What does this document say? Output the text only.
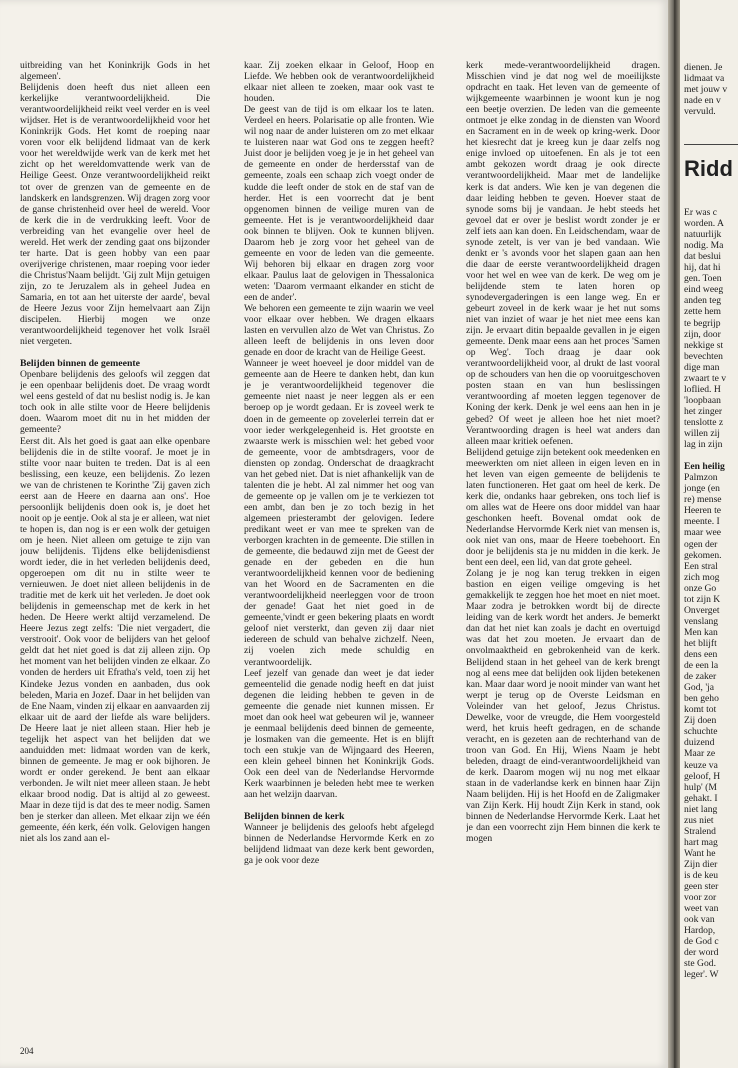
uitbreiding van het Koninkrijk Gods in het algemeen'.

Belijdenis doen heeft dus niet alleen een kerkelijke verantwoordelijkheid. Die verantwoordelijkheid reikt veel verder en is veel wijdser. Het is de verantwoordelijkheid voor het Koninkrijk Gods. Het komt de roeping naar voren voor elk belijdend lidmaat van de kerk voor het wereldwijde werk van de kerk met het zicht op het wereldomvattende werk van de Heilige Geest. Onze verantwoordelijkheid reikt tot over de grenzen van de gemeente en de landskerk en landsgrenzen. Wij dragen zorg voor de ganse christenheid over heel de wereld. Voor de kerk die in de verdrukking leeft. Voor de verbreiding van het evangelie over heel de wereld. Het werk der zending gaat ons bijzonder ter harte. Dat is geen hobby van een paar overijverige christenen, maar roeping voor ieder die Christus'Naam belijdt. 'Gij zult Mijn getuigen zijn, zo te Jeruzalem als in geheel Judea en Samaria, en tot aan het uiterste der aarde', beval de Heere Jezus voor Zijn hemelvaart aan Zijn discipelen. Hierbij mogen we onze verantwoordelijkheid tegenover het volk Israël niet vergeten.

Belijden binnen de gemeente

Openbare belijdenis des geloofs wil zeggen dat je een openbaar belijdenis doet. De vraag wordt wel eens gesteld of dat nu beslist nodig is. Je kan toch ook in alle stilte voor de Heere belijdenis doen. Waarom moet dit nu in het midden der gemeente?

Eerst dit. Als het goed is gaat aan elke openbare belijdenis die in de stilte vooraf. Je moet je in stilte voor naar buiten te treden. Dat is al een beslissing, een keuze, een belijdenis. Zo lezen we van de christenen te Korinthe 'Zij gaven zich eerst aan de Heere en daarna aan ons'. Hoe persoonlijk belijdenis doen ook is, je doet het nooit op je eentje. Ook al sta je er alleen, wat niet te hopen is, dan nog is er een wolk der getuigen om je heen. Niet alleen om getuige te zijn van jouw belijdenis. Tijdens elke belijdenisdienst wordt ieder, die in het verleden belijdenis deed, opgeroepen om dit nu in stilte weer te vernieuwen. Je doet niet alleen belijdenis in de traditie met de kerk uit het verleden. Je doet ook belijdenis in gemeenschap met de kerk in het heden. De Heere werkt altijd verzamelend. De Heere Jezus zegt zelfs: 'Die niet vergadert, die verstrooit'. Ook voor de belijders van het geloof geldt dat het niet goed is dat zij alleen zijn. Op het moment van het belijden vinden ze elkaar. Zo vonden de herders uit Efratha's veld, toen zij het Kindeke Jezus vonden en aanbaden, dus ook beleden, Maria en Jozef. Daar in het belijden van de Ene Naam, vinden zij elkaar en aanvaarden zij elkaar uit de aard der liefde als ware belijders. De Heere laat je niet alleen staan. Hier heb je tegelijk het aspect van het belijden dat we aanduidden met: lidmaat worden van de kerk, binnen de gemeente. Je mag er ook bijhoren. Je wordt er onder gerekend. Je bent aan elkaar verbonden. Je wilt niet meer alleen staan. Je hebt elkaar brood nodig. Dat is altijd al zo geweest. Maar in deze tijd is dat des te meer nodig. Samen ben je sterker dan alleen. Met elkaar zijn we één gemeente, één kerk, één volk. Gelovigen hangen niet als los zand aan el-

kaar. Zij zoeken elkaar in Geloof, Hoop en Liefde. We hebben ook de verantwoordelijkheid elkaar niet alleen te zoeken, maar ook vast te houden.

De geest van de tijd is om elkaar los te laten. Verdeel en heers. Polarisatie op alle fronten. Wie wil nog naar de ander luisteren om zo met elkaar te luisteren naar wat God ons te zeggen heeft? Juist door je belijden voeg je je in het geheel van de gemeente en onder de herdersstaf van de gemeente, zoals een schaap zich voegt onder de kudde die leeft onder de stok en de staf van de herder. Het is een voorrecht dat je bent opgenomen binnen de veilige muren van de gemeente. Het is je verantwoordelijkheid daar ook binnen te blijven. Ook te kunnen blijven. Daarom heb je zorg voor het geheel van de gemeente en voor de leden van die gemeente. Wij behoren bij elkaar en dragen zorg voor elkaar. Paulus laat de gelovigen in Thessalonica weten: 'Daarom vermaant elkander en sticht de een de ander'.

We behoren een gemeente te zijn waarin we veel voor elkaar over hebben. We dragen elkaars lasten en vervullen alzo de Wet van Christus. Zo alleen leeft de belijdenis in ons leven door genade en door de kracht van de Heilige Geest.

Wanneer je weet hoeveel je door middel van de gemeente aan de Heere te danken hebt, dan kun je je verantwoordelijkheid tegenover die gemeente niet naast je neer leggen als er een beroep op je wordt gedaan. Er is zoveel werk te doen in de gemeente op zovelerlei terrein dat er voor ieder werkgelegenheid is. Het grootste en zwaarste werk is misschien wel: het gebed voor de gemeente, voor de ambtsdragers, voor de diensten op zondag. Onderschat de draagkracht van het gebed niet. Dat is niet afhankelijk van de talenten die je hebt. Al zal nimmer het oog van de gemeente op je vallen om je te verkiezen tot een ambt, dan ben je zo toch bezig in het algemeen priesterambt der gelovigen. Iedere predikant weet er van mee te spreken van de verborgen krachten in de gemeente. Die stillen in de gemeente, die bedauwd zijn met de Geest der genade en der gebeden en die hun verantwoordelijkheid kennen voor de bediening van het Woord en de Sacramenten en die verantwoordelijkheid neerleggen voor de troon der genade! Gaat het niet goed in de gemeente,'vindt er geen bekering plaats en wordt geloof niet versterkt, dan geven zij daar niet iedereen de schuld van behalve zichzelf. Neen, zij voelen zich mede schuldig en verantwoordelijk.

Leef jezelf van genade dan weet je dat ieder gemeentelid die genade nodig heeft en dat juist degenen die leiding hebben te geven in de gemeente die genade niet kunnen missen. Er moet dan ook heel wat gebeuren wil je, wanneer je eenmaal belijdenis deed binnen de gemeente, je losmaken van die gemeente. Het is en blijft toch een stukje van de Wijngaard des Heeren, een klein geheel binnen het Koninkrijk Gods. Ook een deel van de Nederlandse Hervormde Kerk waarbinnen je beleden hebt mee te werken aan het welzijn daarvan.

Belijden binnen de kerk

Wanneer je belijdenis des geloofs hebt afgelegd binnen de Nederlandse Hervormde Kerk en zo belijdend lidmaat van deze kerk bent geworden, ga je ook voor deze

kerk mede-verantwoordelijkheid dragen. Misschien vind je dat nog wel de moeilijkste opdracht en taak. Het leven van de gemeente of wijkgemeente waarbinnen je woont kun je nog een beetje overzien. De leden van die gemeente ontmoet je elke zondag in de diensten van Woord en Sacrament en in de week op kring-werk. Door het kiesrecht dat je kreeg kun je daar zelfs nog enige invloed op uitoefenen. En als je tot een ambt gekozen wordt draag je ook directe verantwoordelijkheid. Maar met de landelijke kerk is dat anders. Wie ken je van degenen die daar leiding hebben te geven. Hoever staat de synode soms bij je vandaan. Je hebt steeds het gevoel dat er over je beslist wordt zonder je er zelf iets aan kan doen. En Leidschendam, waar de synode zetelt, is ver van je bed vandaan. Wie denkt er 's avonds voor het slapen gaan aan hen die daar de eerste verantwoordelijkheid dragen voor het wel en wee van de kerk. De weg om je belijdende stem te laten horen op synodevergaderingen is een lange weg. En er gebeurt zoveel in de kerk waar je het nut soms niet van inziet of waar je het niet mee eens kan zijn. Je ervaart ditin bepaalde gevallen in je eigen gemeente. Denk maar eens aan het proces 'Samen op Weg'. Toch draag je daar ook verantwoordelijkheid voor, al drukt de last vooral op de schouders van hen die op vooruitgeschoven posten staan en van hun beslissingen verantwoording af moeten leggen tegenover de Koning der kerk. Denk je wel eens aan hen in je gebed? Of weet je alleen hoe het niet moet? Verantwoording dragen is heel wat anders dan alleen maar kritiek oefenen.

Belijdend getuige zijn betekent ook meedenken en meewerkten om niet alleen in eigen leven en in het leven van eigen gemeente de belijdenis te laten functioneren. Het gaat om heel de kerk. De kerk die, ondanks haar gebreken, ons toch lief is om alles wat de Heere ons door middel van haar geschonken heeft. Bovenal omdat ook de Nederlandse Hervormde Kerk niet van mensen is, ook niet van ons, maar de Heere toebehoort. En door je belijdenis sta je nu midden in die kerk. Je bent een deel, een lid, van dat grote geheel.

Zolang je je nog kan terug trekken in eigen bastion en eigen veilige omgeving is het gemakkelijk te zeggen hoe het moet en niet moet. Maar zodra je betrokken wordt bij de directe leiding van de kerk wordt het anders. Je bemerkt dan dat het niet kan zoals je dacht en overtuigd was dat het zou moeten. Je ervaart dan de onvolmaaktheid en gebrokenheid van de kerk. Belijdend staan in het geheel van de kerk brengt nog al eens mee dat belijden ook lijden betekenen kan. Maar daar word je nooit minder van want het werpt je terug op de Overste Leidsman en Voleinder van het geloof, Jezus Christus. Dewelke, voor de vreugde, die Hem voorgesteld werd, het kruis heeft gedragen, en de schande veracht, en is gezeten aan de rechterhand van de troon van God. En Hij, Wiens Naam je hebt beleden, draagt de eind-verantwoordelijkheid van de kerk. Daarom mogen wij nu nog met elkaar staan in de vaderlandse kerk en binnen haar Zijn Naam belijden. Hij is het Hoofd en de Zaligmaker van Zijn Kerk. Hij houdt Zijn Kerk in stand, ook binnen de Nederlandse Hervormde Kerk. Laat het je dan een voorrecht zijn Hem binnen die kerk te mogen

204
dienen. Je
lidmaat va
met jouw v
nade en v
vervuld.
Ridd
Er was c
worden. A
natuurlijk
nodig. Ma
dat beslui
hij, dat hi
gen. Toen
eind weeg
anden teg
zette hem
te begrijp
zijn, door
nekkige st
bevechten
dige man
zwaart te v
loflied. H
'loopbaan
het zinger
tenslotte z
willen zij
lag in zijn
Een heilig
Palmzon
jonge (en
re) mense
Heeren te
meente. I
maar wee
ogen der
gekomen.
Een stral
zich mog
onze Go
tot zijn K
Onverget
venslang
Men kan
het blijft
dens een
de een la
de zaker
God, 'ja
ben geho
komt tot
Zij doen
schuchte
duizend
Maar ze
keuze va
geloof, H
hulp' (M
gehakt. I
niet lang
zus niet
Stralend
hart mag
Want he
Zijn dier
is de keu
geen ster
voor zor
weet van
ook van
Hardop,
de God c
der word
ste God.
leger'. W
